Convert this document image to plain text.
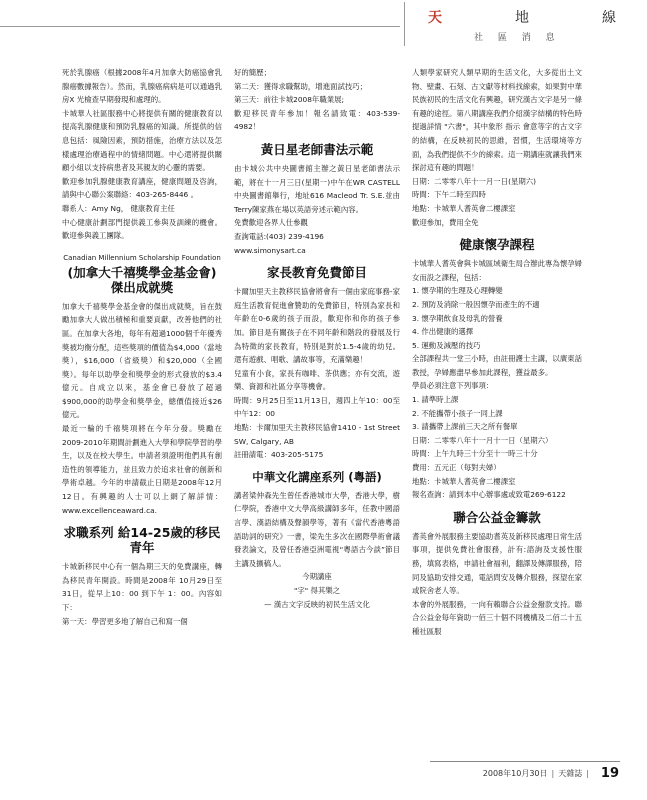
天	地	線
社 區 消 息

死於乳腺癌（根據2008年4月加拿大防癌協會乳腺癌數據報告）。然而，乳腺癌病病是可以通過乳房X 光檢查早期發現和處理的。

卡城華人社區服務中心將提供有關的健康教育以提高乳腺健康和預防乳腺癌的知識。所提供的信息包括：風險因素，預防措施，治療方法以及怎樣處理治療過程中的情緒問題。中心還將提供關顧小組以支持病患者及其親友的心靈的需要。

歡迎參加乳腺健康教育講座，健康問題及咨詢，請與中心聯公案聯絡：403-265-8446 。

聯系人：Amy Ng， 健康教育主任

中心健康計劃部門提供義工參與及訓練的機會。歡迎參與義工團隊。

Canadian Millennium Scholarship Foundation
(加拿大千禧獎學金基金會)傑出成就獎

加拿大千禧獎學金基金會的傑出成就獎，旨在鼓勵加拿大人做出積極和重要貢獻，改善他們的社區。在加拿大各地，每年有超過1000個千年優秀獎被均衡分配，這些獎項的價值為$4,000（當地獎），$16,000（省級獎）和$20,000（全國獎）。每年以助學金和獎學金的形式發放的$3.4億元。自成立以來，基金會已發放了超過$900,000的助學金和獎學金，總價值接近$26億元。

最近一輪的千禧獎項將在今年分發。獎勵在2009-2010年期間計劃進入大學和學院學習的學生，以及在校大學生。申請者須證明他們具有創造性的領導能力，並且致力於追求社會的創新和學術卓越。今年的申請截止日期是2008年12月12日。有興趣的人士可以上網了解詳情：www.excellenceaward.ca.

求職系列 給14-25歲的移民青年

卡城新移民中心有一個為期三天的免費講座，轉為移民青年開設。時間是2008年 10月29日至31日，從早上10：00 到下午 1：00。內容如下：

第一天：學習更多地了解自己和寫一個

好的簡歷；

第二天：獲得求職幫助，增進面試技巧；

第三天：前往卡城2008年職業展;

歡迎移民青年參加！報名請致電：403-539-4982！

黃日星老師書法示範

由卡城公共中央圖書館主辦之黃日星老師書法示範，將在十一月三日(星期一)中午在WR CASTELL中央圖書館舉行，地址616 Macleod Tr. S.E.並由Terry陳家燕在場以英語旁述示範內容。

免費歡迎各界人仕參觀

查詢電話:(403) 239-4196

www.simonysart.ca

家長教育免費節目

卡爾加里天主教移民協會將會有一個由家庭事務-家庭生活教育促進會贊助的免費節目，特別為家長和年齡在0-6歲的孩子而設，歡迎你和你的孩子參加。節目是有關孩子在不同年齡和階段的發展及行為特徵的家長教育，特別是對於1.5-4歲的幼兒。還有遊戲、唱歌、講故事等，充滿樂趣！

兒童有小食，家長有咖啡、茶供應；亦有交流，遊樂、資源和社區分享等機會。

時間：9月25日至11月13日，週四上午10：00至中午12：00

地點：卡爾加里天主教移民協會1410 - 1st Street SW, Calgary, AB

註冊請電：403-205-5175

中華文化講座系列 (粵語)

講者梁仲森先生曾任香港城市大學，香港大學，樹仁學院，香港中文大學高級講師多年，任教中國語言學、漢語結構及聲韻學等，著有《當代香港粵語語助詞的研究》一書，梁先生多次在國際學術會議發表論文，及曾任香港亞洲電視“粵語古今談”節目主講及擴稿人。

今期講座

"字" 得其樂之

— 漢古文字反映的初民生活文化

人類學家研究人類早期的生活文化，大多從出土文物、壁畫、石刻、古文獻等材料找線索，如果對中華民族初民的生活文化有興趣，研究漢古文字是另一條有趣的途徑。第八期講座我們介紹漢字結構的特色時提過詳情 "六書"，其中象形 指示 會意等字的古文字的結構，在反映初民的思維，習慣，生活環境等方面，為我們提供不少的線索。這一期講座就讓我們來探討這有趣的問題！

日期：二零零八年十一月一日(星期六)

時間：下午二時至四時

地點：卡城華人耆英會二樓課室

歡迎參加，費用全免

健康懷孕課程

卡城華人耆英會與卡城區域衛生局合辦此專為懷孕婦女而設之課程，包括：

1. 懷孕期的生理及心理轉變

2. 預防及消除一般因懷孕而產生的不適

3. 懷孕期飲食及母乳的營養

4. 作出健康的選擇

5. 運動及減壓的技巧

全部課程共一堂三小時，由註冊護士主講，以廣東話教授，孕婦應盡早參加此課程，獲益最多。

學員必須注意下列事項：

1. 請準時上課

2. 不能攜帶小孩子一同上課

3. 請攜帶上課前三天之所有餐單

日期：二零零八年十一月十一日（星期六）

時間：上午九時三十分至十一時三十分

費用：五元正（每對夫婦）

地點：卡城華人耆英會二樓課室

報名查詢：請到本中心辦事處或致電269-6122

聯合公益金籌款

耆英會外展服務主要協助耆英及新移民處理日常生活事項，提供免費社會服務，計有:諮詢及支援性服務，填寫表格，申請社會福利，翻譯及傳譯服務，陪同及協助安排交通，電話問安及轉介服務，探望在家或院舍老人等。

本會的外展服務，一向有賴聯合公益金撥款支持。聯合公益金每年資助一佰三十個不同機構及二佰二十五種社區服

2008年10月30日 | 天雜誌 | 19
